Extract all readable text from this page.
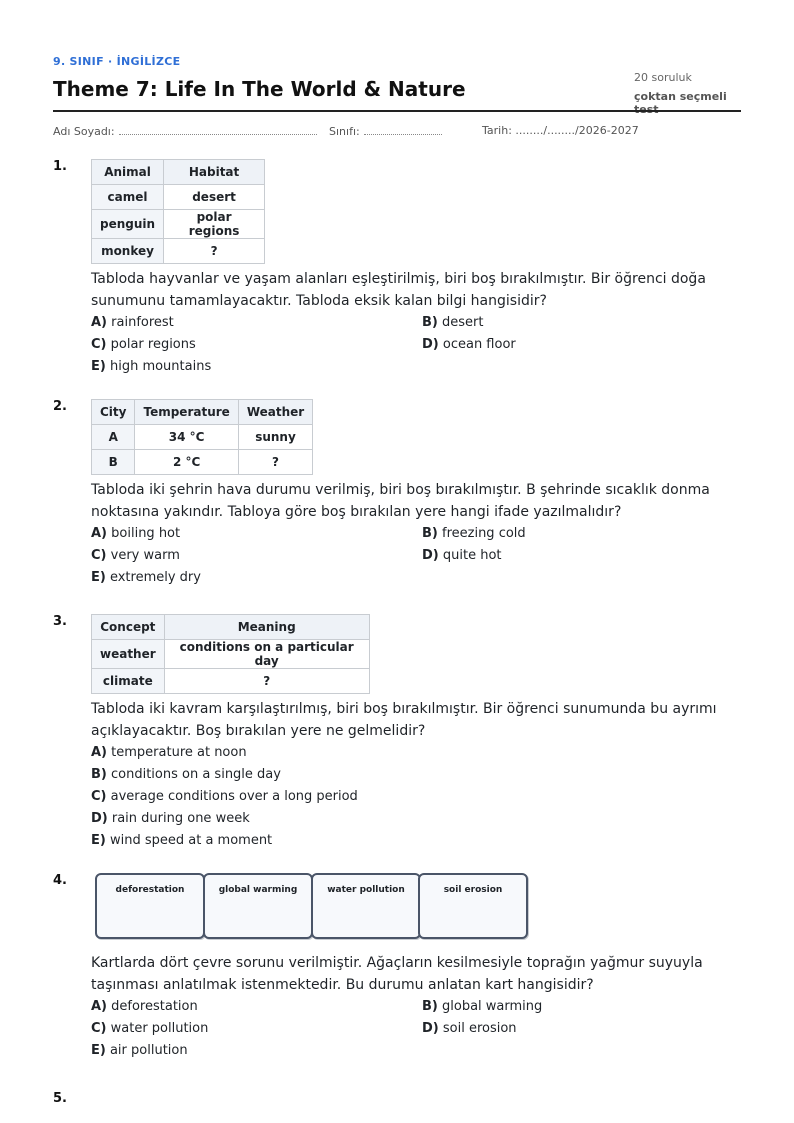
9. SINIF · İNGİLİZCE
Theme 7: Life In The World & Nature	20 soruluk
çoktan seçmeli
Adı Soyadı:	Sınıfı:	Tarih: ......../......../2026-2027
1.	Animal	Habitat
camel	desert
penguin	polar regions
monkey	?
Tabloda hayvanlar ve yaşam alanları eşleştirilmiş, biri boş bırakılmıştır. Bir öğrenci doğa sunumunu tamamlayacaktır. Tabloda eksik kalan bilgi hangisidir?
A) rainforest	B) desert
C) polar regions	D) ocean floor
E) high mountains
2.	City	Temperature	Weather
A	34 °C	sunny
B	2 °C	?
Tabloda iki şehrin hava durumu verilmiş, biri boş bırakılmıştır. B şehrinde sıcaklık donma noktasına yakındır. Tabloya göre boş bırakılan yere hangi ifade yazılmalıdır?
A) boiling hot	B) freezing cold
C) very warm	D) quite hot
E) extremely dry
3.	Concept	Meaning
weather	conditions on a particular day
climate	?
Tabloda iki kavram karşılaştırılmış, biri boş bırakılmıştır. Bir öğrenci sunumunda bu ayrımı açıklayacaktır. Boş bırakılan yere ne gelmelidir?
A) temperature at noon
B) conditions on a single day
C) average conditions over a long period
D) rain during one week
E) wind speed at a moment
4.
deforestation	global warming	water pollution	soil erosion
Kartlarda dört çevre sorunu verilmiştir. Ağaçların kesilmesiyle toprağın yağmur suyuyla taşınması anlatılmak istenmektedir. Bu durumu anlatan kart hangisidir?
A) deforestation	B) global warming
C) water pollution	D) soil erosion
E) air pollution
5.
